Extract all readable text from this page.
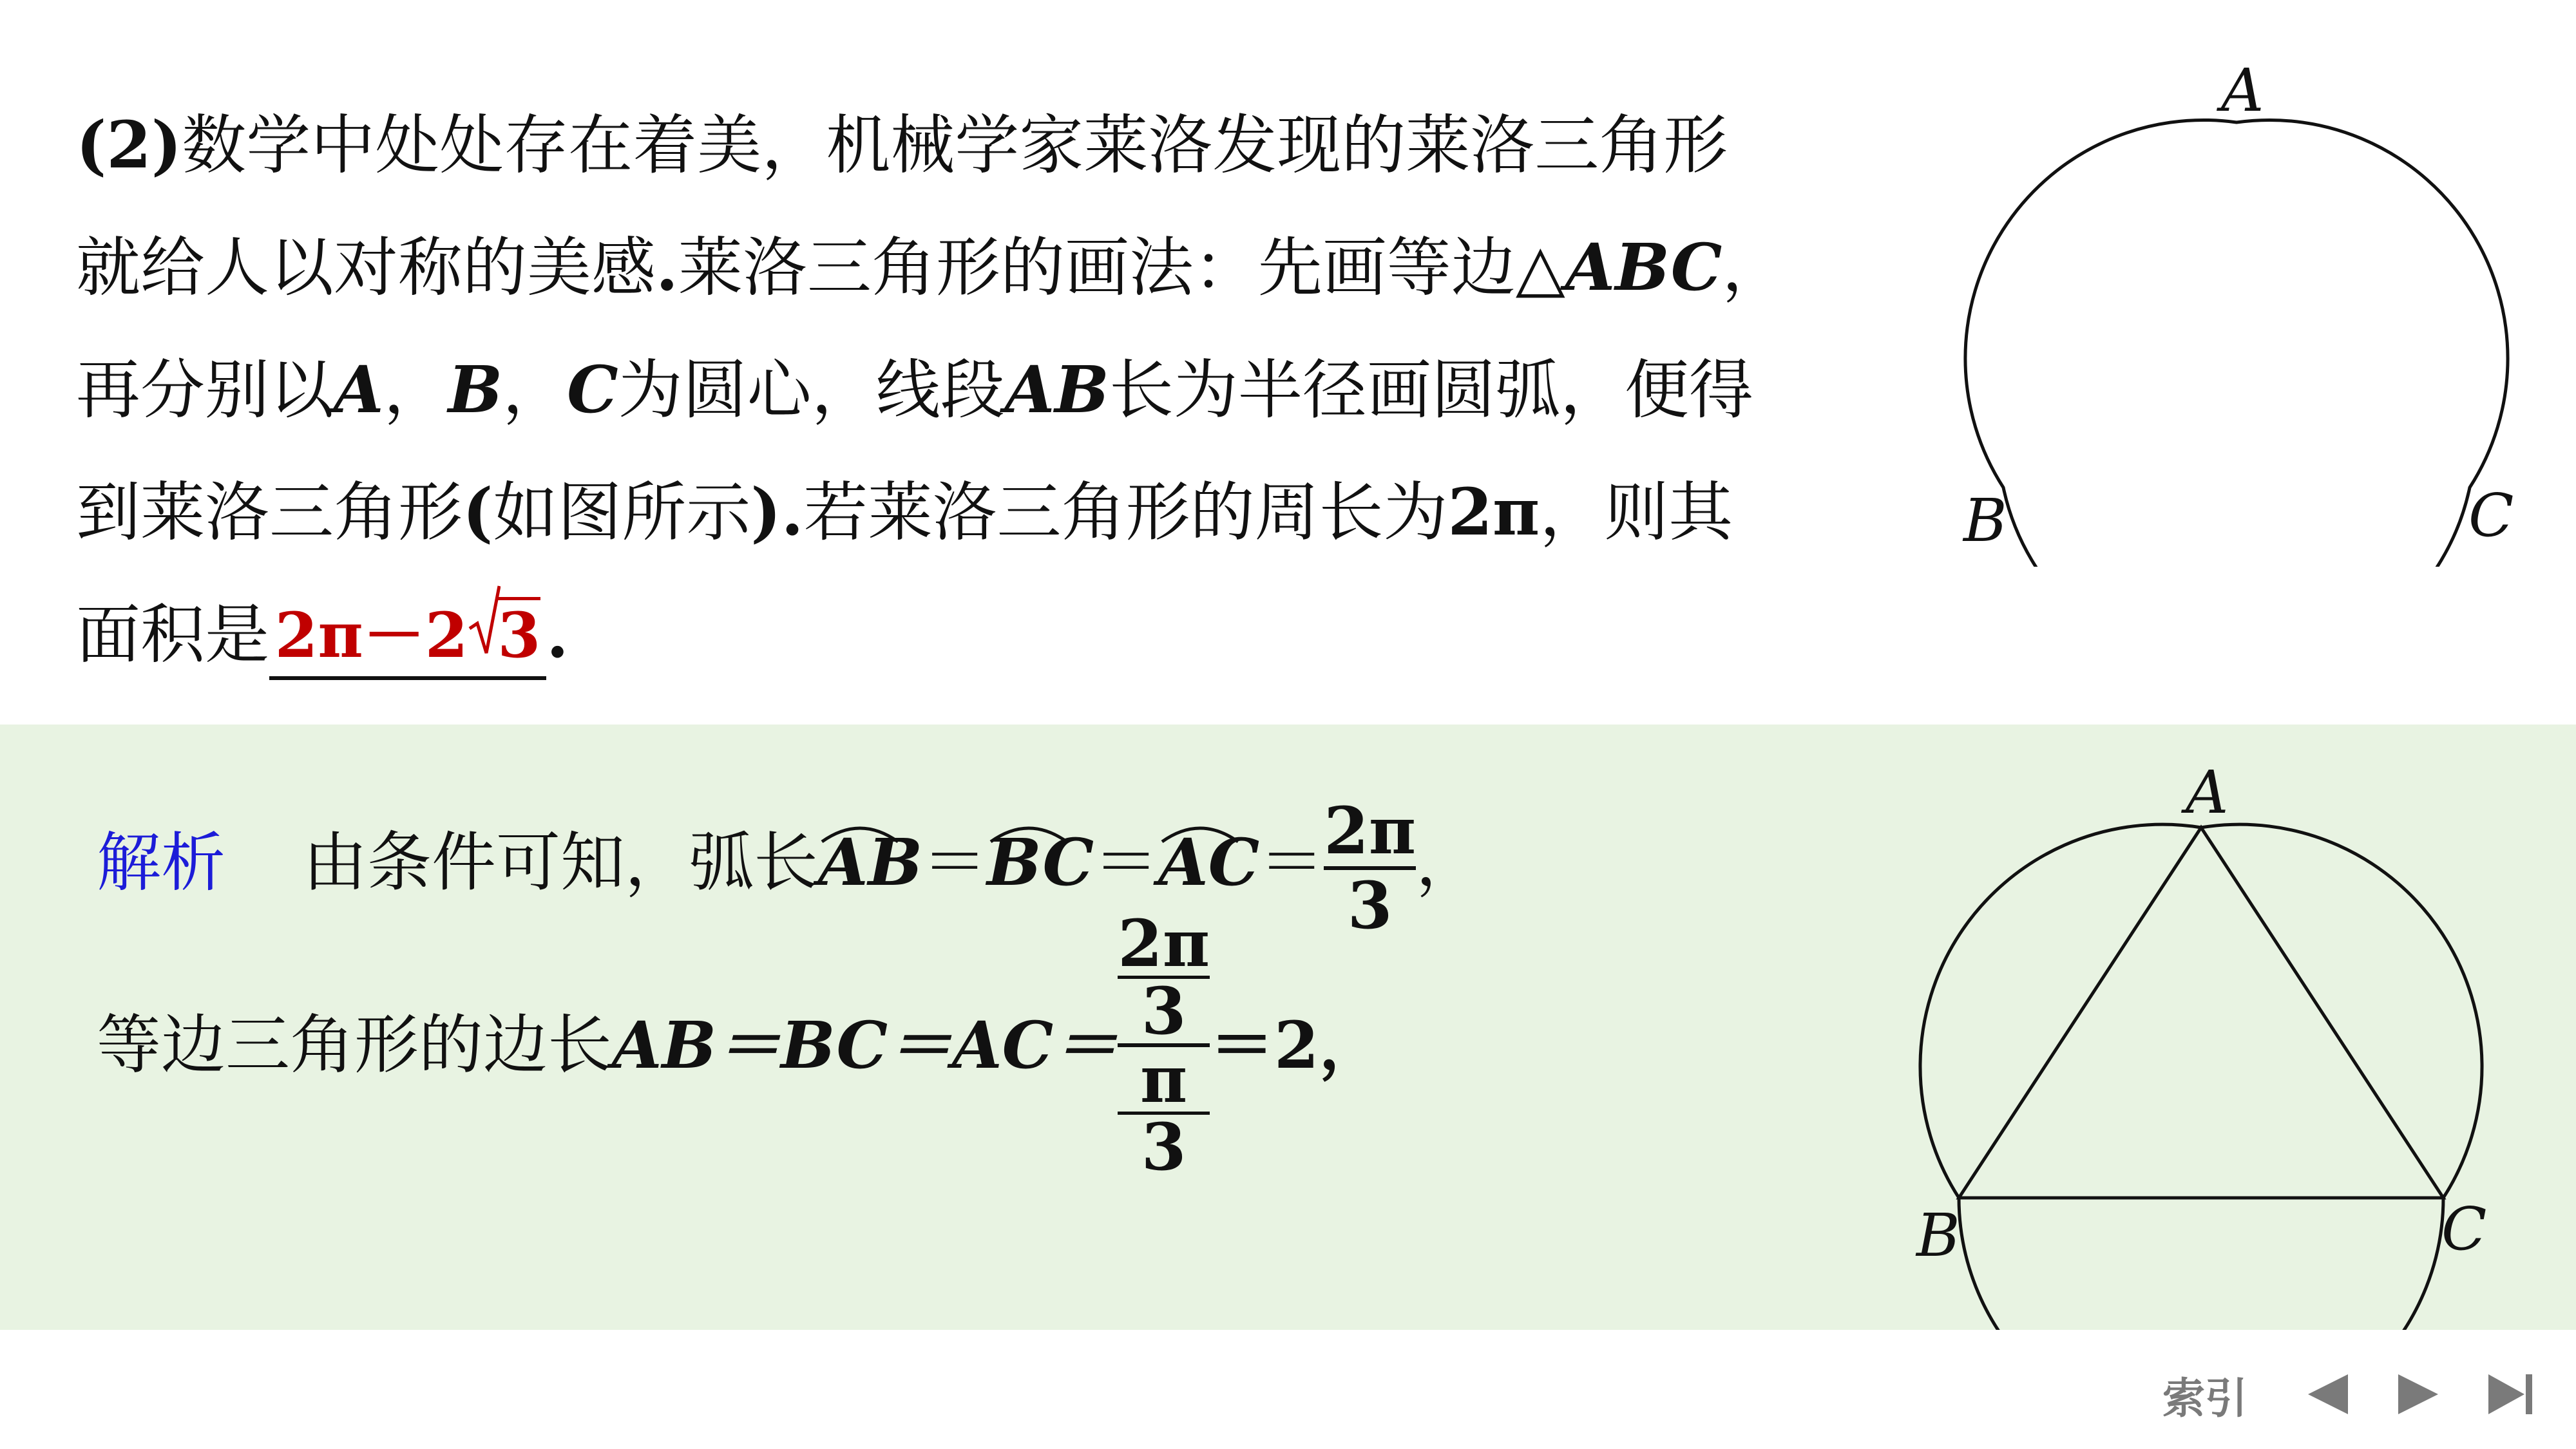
(2)数学中处处存在着美，机械学家莱洛发现的莱洛三角形
就给人以对称的美感.莱洛三角形的画法：先画等边△ABC，
再分别以A，B，C为圆心，线段AB长为半径画圆弧，便得
到莱洛三角形(如图所示).若莱洛三角形的周长为2π，则其
面积是2π－2 3.
A
B	C
解析 由条件可知，弧长
AB＝
BC＝
$AC= \frac{2\pi}{3}$ ，
等边三角形的边长AB＝BC＝AC＝ 2π
3
π
3 ＝2，
A
B	C
索引
